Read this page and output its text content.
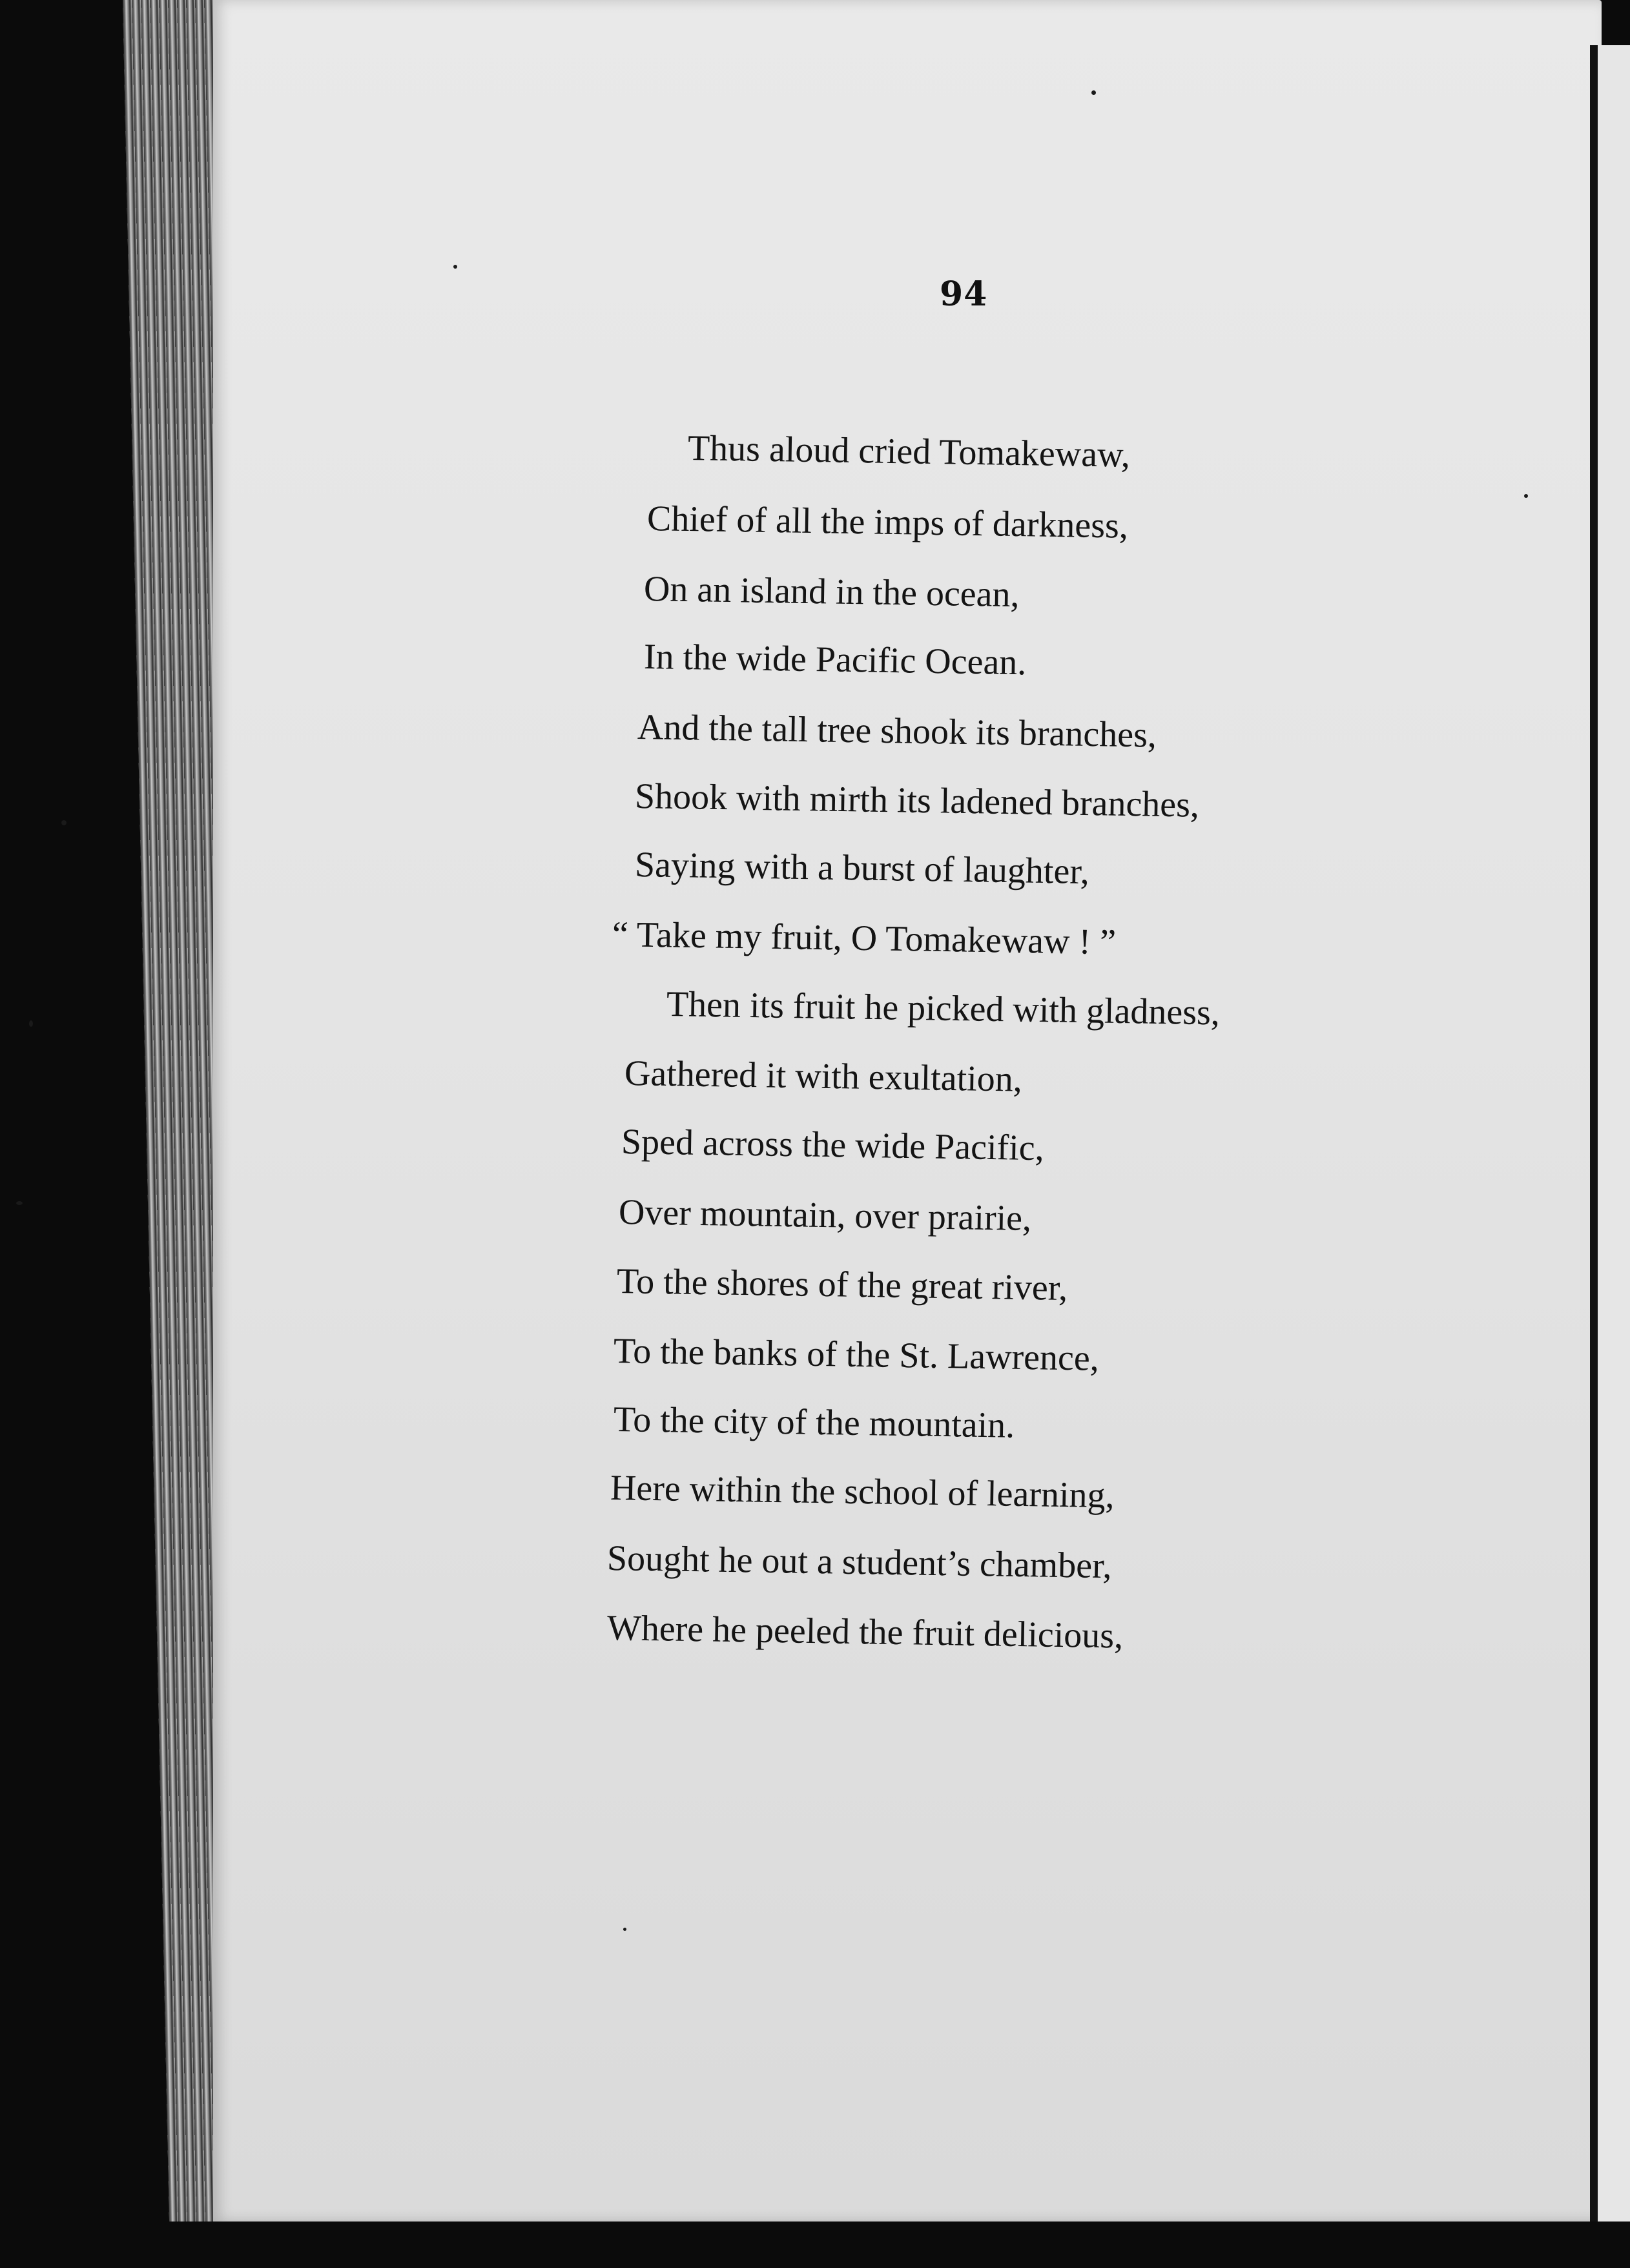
94
Thus aloud cried Tomakewaw,
Chief of all the imps of darkness,
On an island in the ocean,
In the wide Pacific Ocean.
And the tall tree shook its branches,
Shook with mirth its ladened branches,
Saying with a burst of laughter,
“ Take my fruit, O Tomakewaw ! ”
Then its fruit he picked with gladness,
Gathered it with exultation,
Sped across the wide Pacific,
Over mountain, over prairie,
To the shores of the great river,
To the banks of the St. Lawrence,
To the city of the mountain.
Here within the school of learning,
Sought he out a student’s chamber,
Where he peeled the fruit delicious,
